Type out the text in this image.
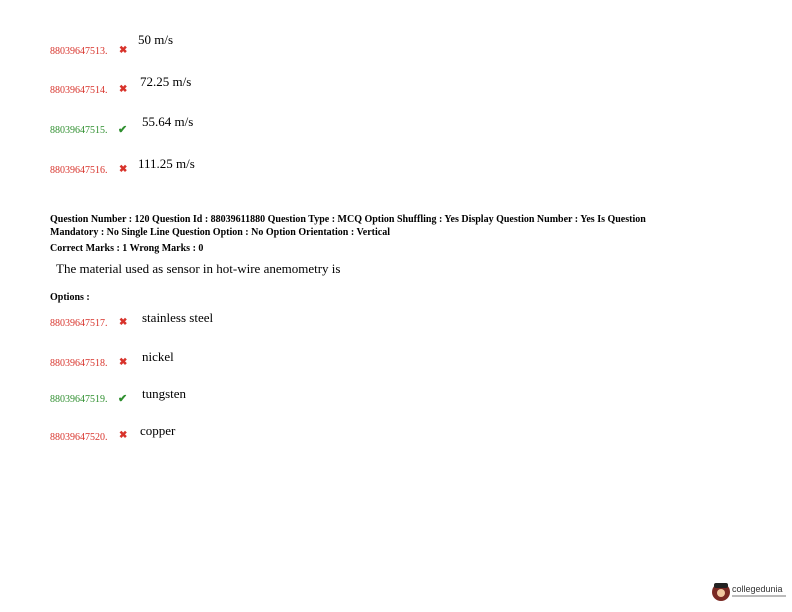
88039647513. ✖
50 m/s
88039647514. ✖
72.25 m/s
88039647515. ✔
55.64 m/s
88039647516. ✖ 111.25 m/s
Question Number : 120 Question Id : 88039611880 Question Type : MCQ Option Shuffling : Yes Display Question Number : Yes Is Question
Mandatory : No Single Line Question Option : No Option Orientation : Vertical
Correct Marks : 1 Wrong Marks : 0
The material used as sensor in hot-wire anemometry is
Options :
88039647517. ✖ stainless steel
88039647518. ✖ nickel
88039647519. ✔ tungsten
88039647520. ✖ copper
collegedunia
